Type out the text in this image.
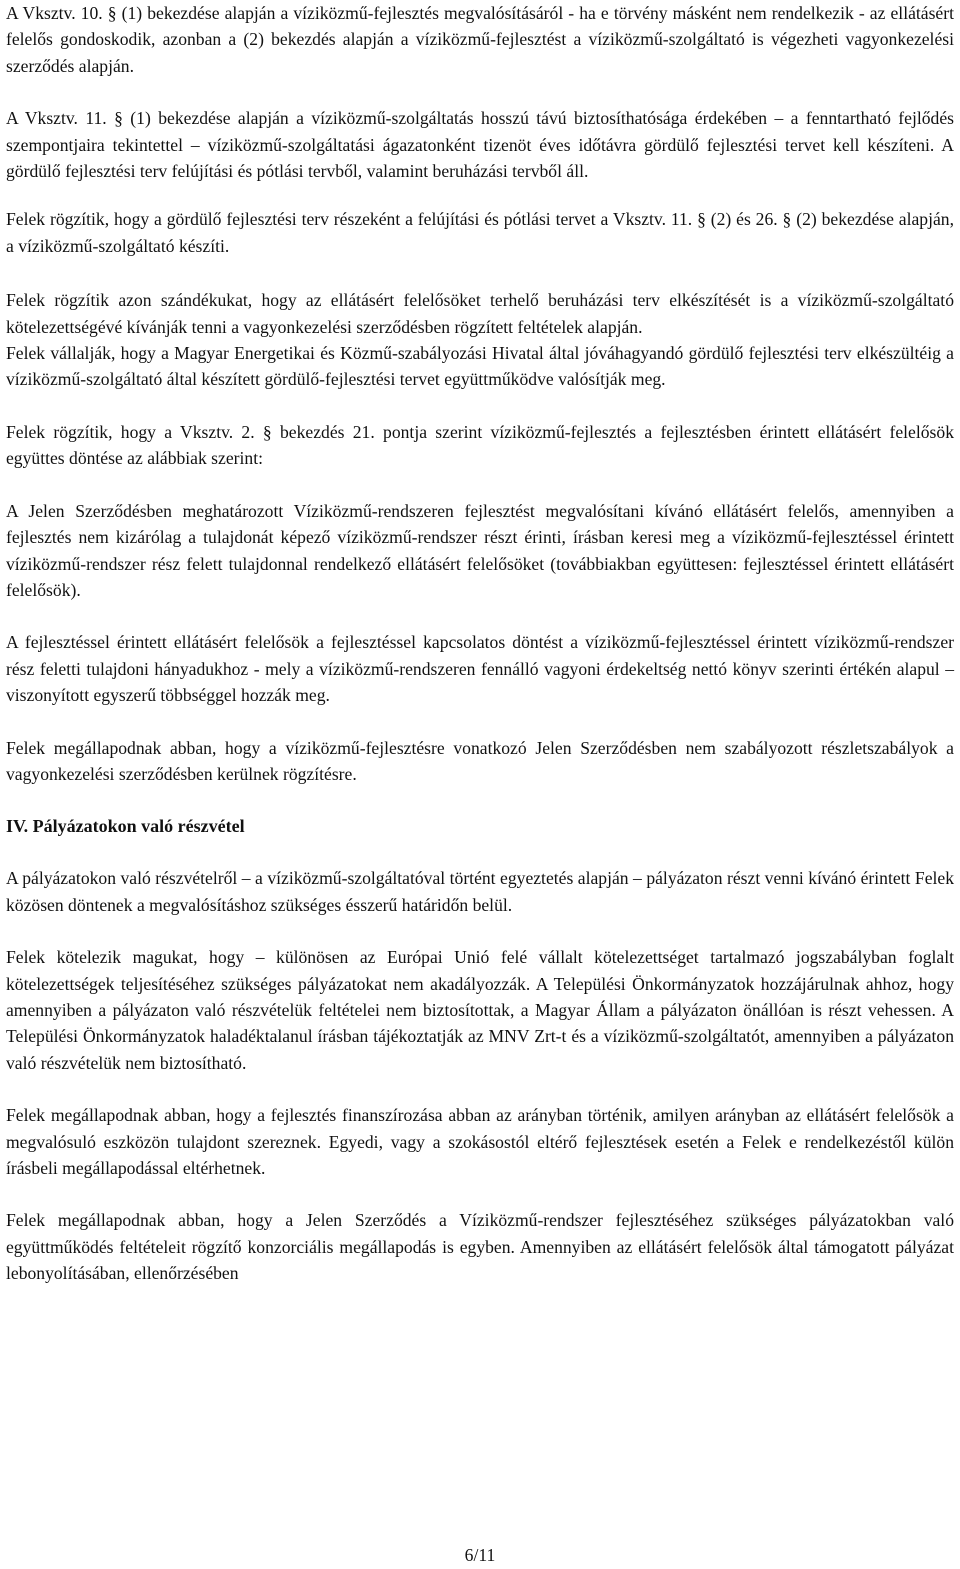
A Vksztv. 10. § (1) bekezdése alapján a víziközmű-fejlesztés megvalósításáról - ha e törvény másként nem rendelkezik - az ellátásért felelős gondoskodik, azonban a (2) bekezdés alapján a víziközmű-fejlesztést a víziközmű-szolgáltató is végezheti vagyonkezelési szerződés alapján.

A Vksztv. 11. § (1) bekezdése alapján a víziközmű-szolgáltatás hosszú távú biztosíthatósága érdekében – a fenntartható fejlődés szempontjaira tekintettel – víziközmű-szolgáltatási ágazatonként tizenöt éves időtávra gördülő fejlesztési tervet kell készíteni. A gördülő fejlesztési terv felújítási és pótlási tervből, valamint beruházási tervből áll.

Felek rögzítik, hogy a gördülő fejlesztési terv részeként a felújítási és pótlási tervet a Vksztv. 11. § (2) és 26. § (2) bekezdése alapján, a víziközmű-szolgáltató készíti.

Felek rögzítik azon szándékukat, hogy az ellátásért felelősöket terhelő beruházási terv elkészítését is a víziközmű-szolgáltató kötelezettségévé kívánják tenni a vagyonkezelési szerződésben rögzített feltételek alapján.

Felek vállalják, hogy a Magyar Energetikai és Közmű-szabályozási Hivatal által jóváhagyandó gördülő fejlesztési terv elkészültéig a víziközmű-szolgáltató által készített gördülő-fejlesztési tervet együttműködve valósítják meg.

Felek rögzítik, hogy a Vksztv. 2. § bekezdés 21. pontja szerint víziközmű-fejlesztés a fejlesztésben érintett ellátásért felelősök együttes döntése az alábbiak szerint:

A Jelen Szerződésben meghatározott Víziközmű-rendszeren fejlesztést megvalósítani kívánó ellátásért felelős, amennyiben a fejlesztés nem kizárólag a tulajdonát képező víziközmű-rendszer részt érinti, írásban keresi meg a víziközmű-fejlesztéssel érintett víziközmű-rendszer rész felett tulajdonnal rendelkező ellátásért felelősöket (továbbiakban együttesen: fejlesztéssel érintett ellátásért felelősök).

A fejlesztéssel érintett ellátásért felelősök a fejlesztéssel kapcsolatos döntést a víziközmű-fejlesztéssel érintett víziközmű-rendszer rész feletti tulajdoni hányadukhoz - mely a víziközmű-rendszeren fennálló vagyoni érdekeltség nettó könyv szerinti értékén alapul – viszonyított egyszerű többséggel hozzák meg.

Felek megállapodnak abban, hogy a víziközmű-fejlesztésre vonatkozó Jelen Szerződésben nem szabályozott részletszabályok a vagyonkezelési szerződésben kerülnek rögzítésre.

IV. Pályázatokon való részvétel

A pályázatokon való részvételről – a víziközmű-szolgáltatóval történt egyeztetés alapján – pályázaton részt venni kívánó érintett Felek közösen döntenek a megvalósításhoz szükséges ésszerű határidőn belül.

Felek kötelezik magukat, hogy – különösen az Európai Unió felé vállalt kötelezettséget tartalmazó jogszabályban foglalt kötelezettségek teljesítéséhez szükséges pályázatokat nem akadályozzák. A Települési Önkormányzatok hozzájárulnak ahhoz, hogy amennyiben a pályázaton való részvételük feltételei nem biztosítottak, a Magyar Állam a pályázaton önállóan is részt vehessen. A Települési Önkormányzatok haladéktalanul írásban tájékoztatják az MNV Zrt-t és a víziközmű-szolgáltatót, amennyiben a pályázaton való részvételük nem biztosítható.

Felek megállapodnak abban, hogy a fejlesztés finanszírozása abban az arányban történik, amilyen arányban az ellátásért felelősök a megvalósuló eszközön tulajdont szereznek. Egyedi, vagy a szokásostól eltérő fejlesztések esetén a Felek e rendelkezéstől külön írásbeli megállapodással eltérhetnek.

Felek megállapodnak abban, hogy a Jelen Szerződés a Víziközmű-rendszer fejlesztéséhez szükséges pályázatokban való együttműködés feltételeit rögzítő konzorciális megállapodás is egyben. Amennyiben az ellátásért felelősök által támogatott pályázat lebonyolításában, ellenőrzésében

6/11
